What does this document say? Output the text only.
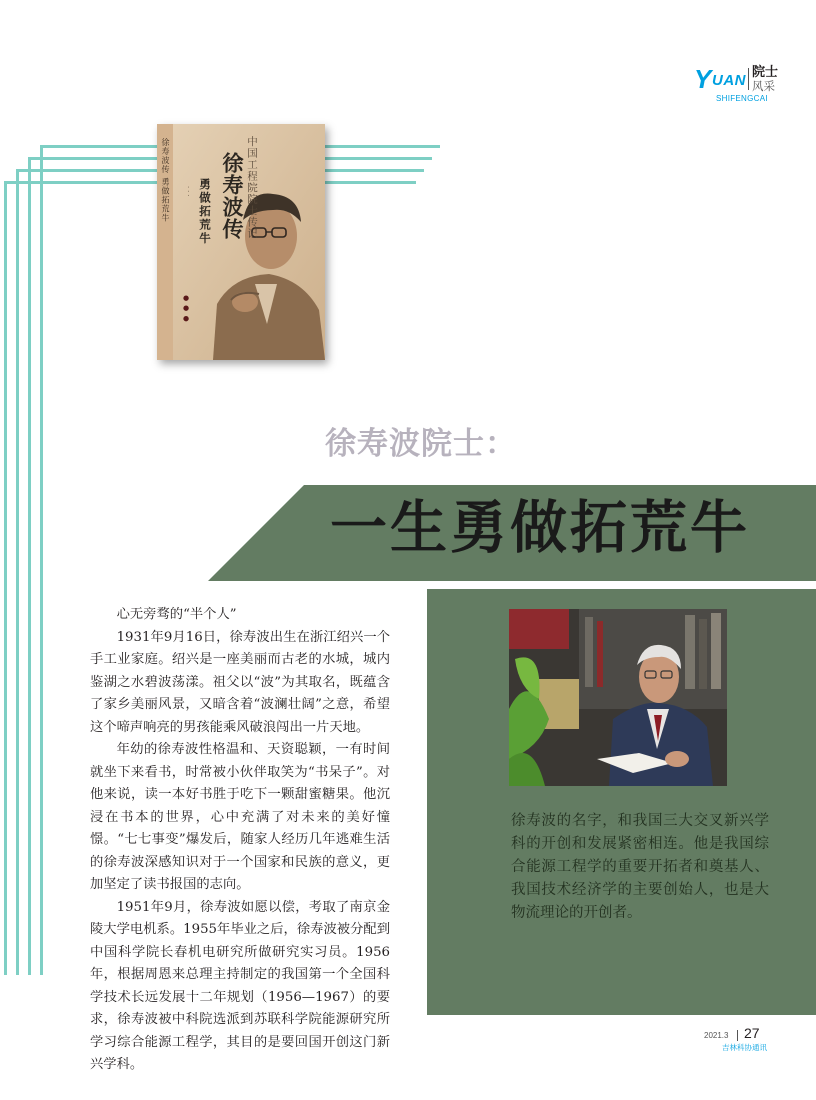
Y UAN 院士
风采
SHIFENGCAI
徐寿波传 勇做拓荒牛	中国工程院院士传记
徐寿波传
勇做拓荒牛
· · ·
● ● ●
徐寿波院士：
一生勇做拓荒牛

徐寿波的名字，和我国三大交叉新兴学科的开创和发展紧密相连。他是我国综合能源工程学的重要开拓者和奠基人、我国技术经济学的主要创始人，也是大物流理论的开创者。

心无旁骛的“半个人”

1931年9月16日，徐寿波出生在浙江绍兴一个手工业家庭。绍兴是一座美丽而古老的水城，城内鉴湖之水碧波荡漾。祖父以“波”为其取名，既蕴含了家乡美丽风景，又暗含着“波澜壮阔”之意，希望这个啼声响亮的男孩能乘风破浪闯出一片天地。

年幼的徐寿波性格温和、天资聪颖，一有时间就坐下来看书，时常被小伙伴取笑为“书呆子”。对他来说，读一本好书胜于吃下一颗甜蜜糖果。他沉浸在书本的世界，心中充满了对未来的美好憧憬。“七七事变”爆发后，随家人经历几年逃难生活的徐寿波深感知识对于一个国家和民族的意义，更加坚定了读书报国的志向。

1951年9月，徐寿波如愿以偿，考取了南京金陵大学电机系。1955年毕业之后，徐寿波被分配到中国科学院长春机电研究所做研究实习员。1956年，根据周恩来总理主持制定的我国第一个全国科学技术长远发展十二年规划（1956—1967）的要求，徐寿波被中科院选派到苏联科学院能源研究所学习综合能源工程学，其目的是要回国开创这门新兴学科。

2021.3 27
吉林科协通讯
